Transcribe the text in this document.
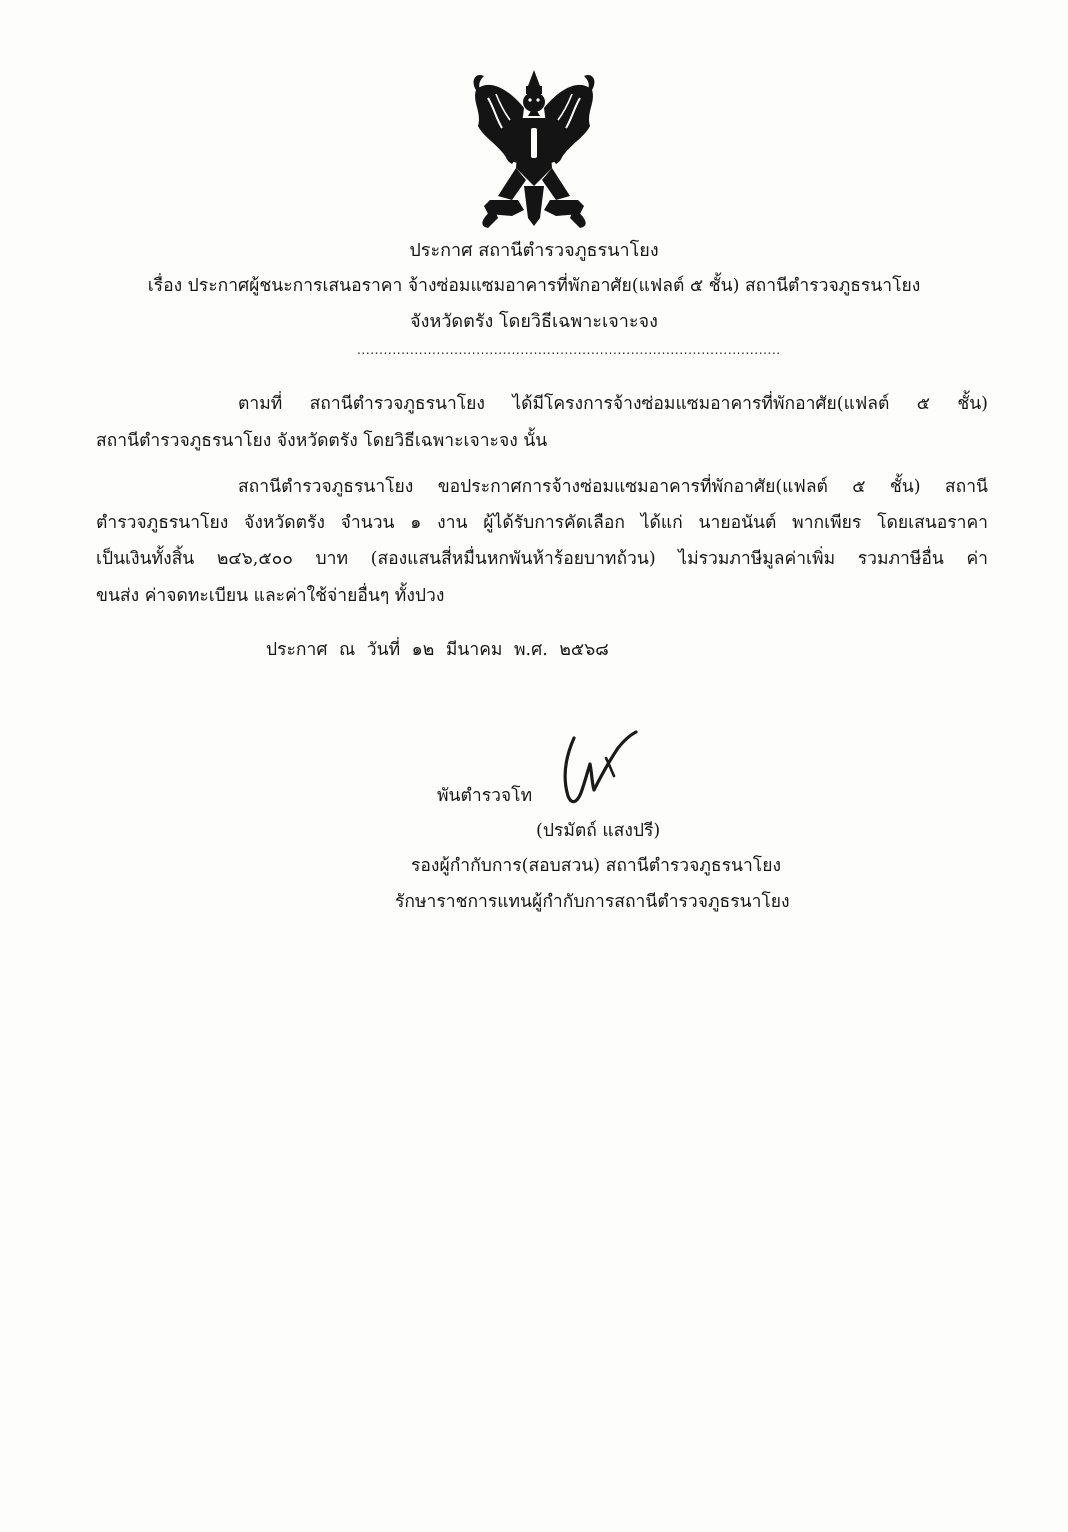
ประกาศ สถานีตำรวจภูธรนาโยง
เรื่อง ประกาศผู้ชนะการเสนอราคา จ้างซ่อมแซมอาคารที่พักอาศัย(แฟลต์ ๕ ชั้น) สถานีตำรวจภูธรนาโยง
จังหวัดตรัง โดยวิธีเฉพาะเจาะจง
................................................................................................
ตามที่ สถานีตำรวจภูธรนาโยง ได้มีโครงการจ้างซ่อมแซมอาคารที่พักอาศัย(แฟลต์ ๕ ชั้น)
สถานีตำรวจภูธรนาโยง จังหวัดตรัง โดยวิธีเฉพาะเจาะจง นั้น
สถานีตำรวจภูธรนาโยง ขอประกาศการจ้างซ่อมแซมอาคารที่พักอาศัย(แฟลต์ ๕ ชั้น) สถานี
ตำรวจภูธรนาโยง จังหวัดตรัง จำนวน ๑ งาน ผู้ได้รับการคัดเลือก ได้แก่ นายอนันต์ พากเพียร โดยเสนอราคา
เป็นเงินทั้งสิ้น ๒๔๖,๕๐๐ บาท (สองแสนสี่หมื่นหกพันห้าร้อยบาทถ้วน) ไม่รวมภาษีมูลค่าเพิ่ม รวมภาษีอื่น ค่า
ขนส่ง ค่าจดทะเบียน และค่าใช้จ่ายอื่นๆ ทั้งปวง
ประกาศ ณ วันที่ ๑๒ มีนาคม พ.ศ. ๒๕๖๘
พันตำรวจโท
(ปรมัตถ์ แสงปรี)
รองผู้กำกับการ(สอบสวน) สถานีตำรวจภูธรนาโยง
รักษาราชการแทนผู้กำกับการสถานีตำรวจภูธรนาโยง
